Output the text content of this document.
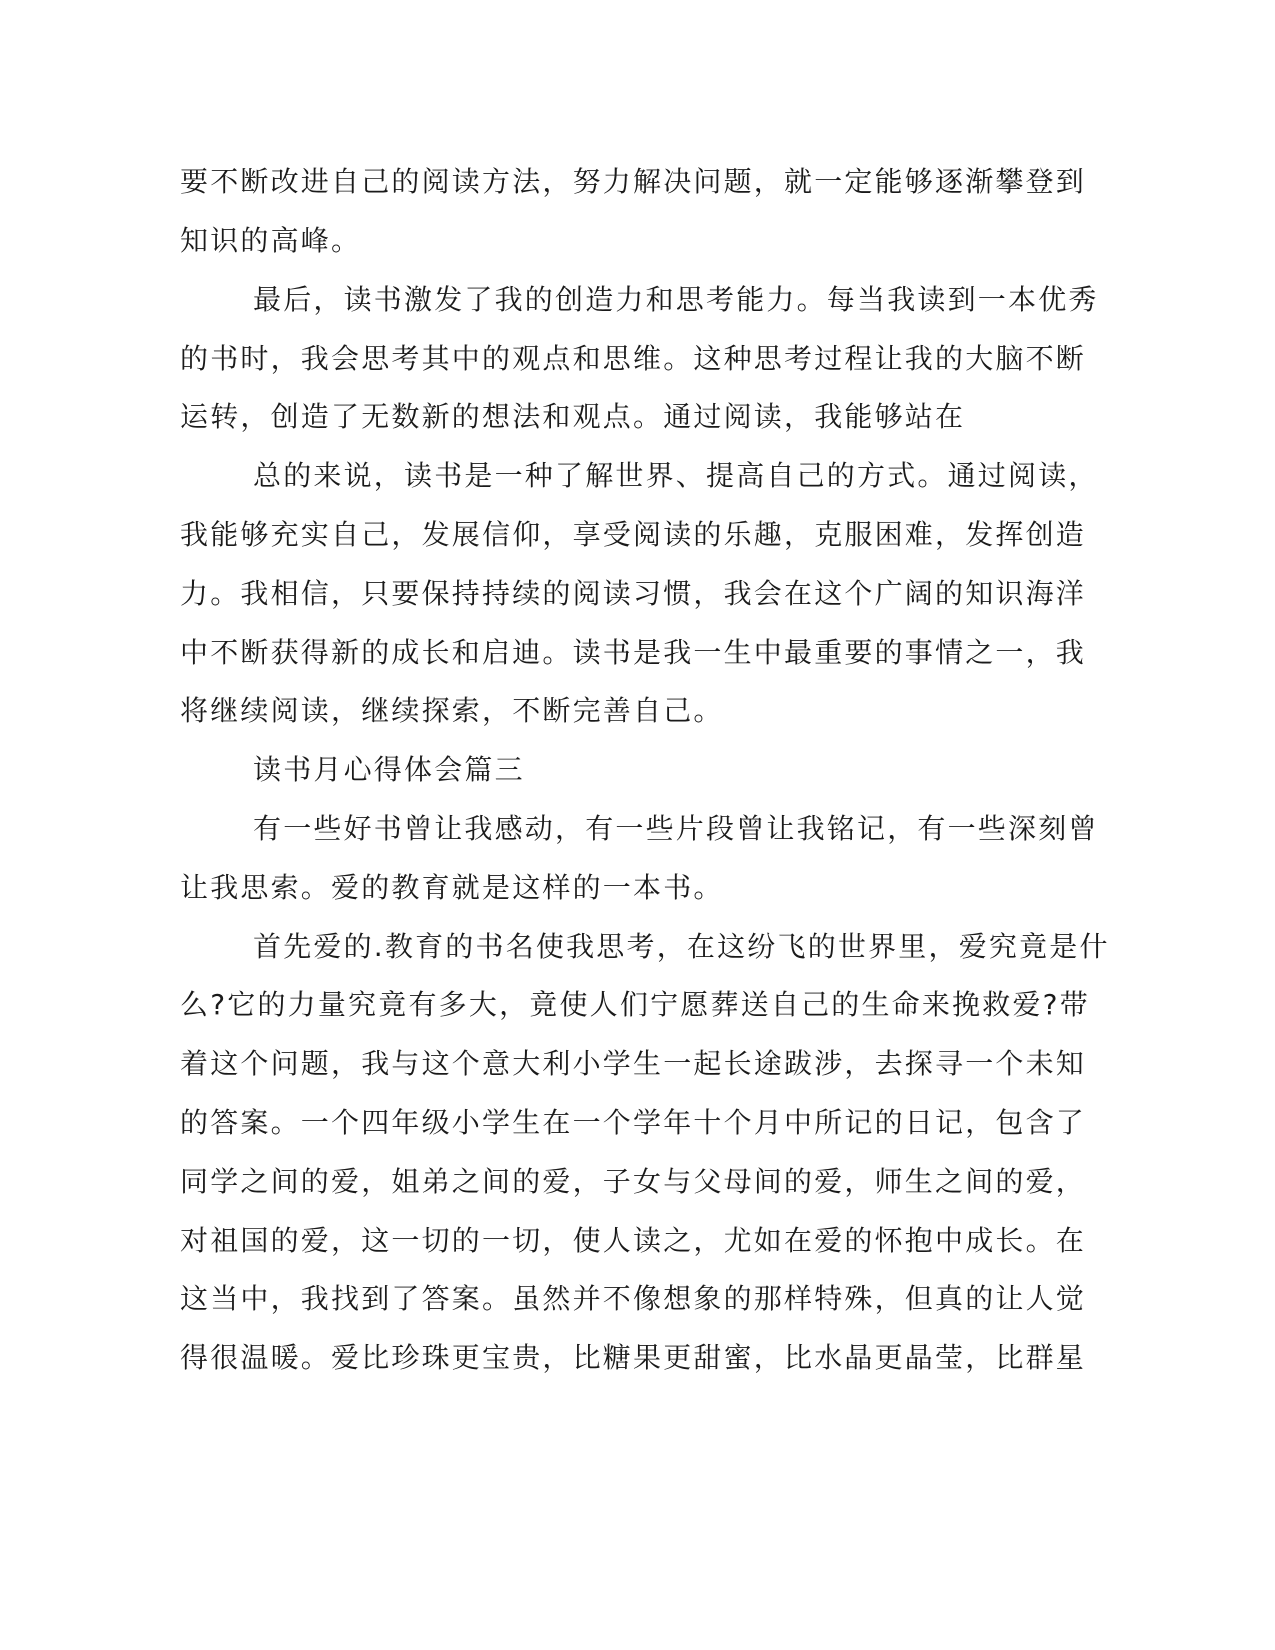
要不断改进自己的阅读方法，努力解决问题，就一定能够逐渐攀登到
知识的高峰。
最后，读书激发了我的创造力和思考能力。每当我读到一本优秀
的书时，我会思考其中的观点和思维。这种思考过程让我的大脑不断
运转，创造了无数新的想法和观点。通过阅读，我能够站在
总的来说，读书是一种了解世界、提高自己的方式。通过阅读，
我能够充实自己，发展信仰，享受阅读的乐趣，克服困难，发挥创造
力。我相信，只要保持持续的阅读习惯，我会在这个广阔的知识海洋
中不断获得新的成长和启迪。读书是我一生中最重要的事情之一，我
将继续阅读，继续探索，不断完善自己。
读书月心得体会篇三
有一些好书曾让我感动，有一些片段曾让我铭记，有一些深刻曾
让我思索。爱的教育就是这样的一本书。
首先爱的.教育的书名使我思考，在这纷飞的世界里，爱究竟是什
么?它的力量究竟有多大，竟使人们宁愿葬送自己的生命来挽救爱?带
着这个问题，我与这个意大利小学生一起长途跋涉，去探寻一个未知
的答案。一个四年级小学生在一个学年十个月中所记的日记，包含了
同学之间的爱，姐弟之间的爱，子女与父母间的爱，师生之间的爱，
对祖国的爱，这一切的一切，使人读之，尤如在爱的怀抱中成长。在
这当中，我找到了答案。虽然并不像想象的那样特殊，但真的让人觉
得很温暖。爱比珍珠更宝贵，比糖果更甜蜜，比水晶更晶莹，比群星
